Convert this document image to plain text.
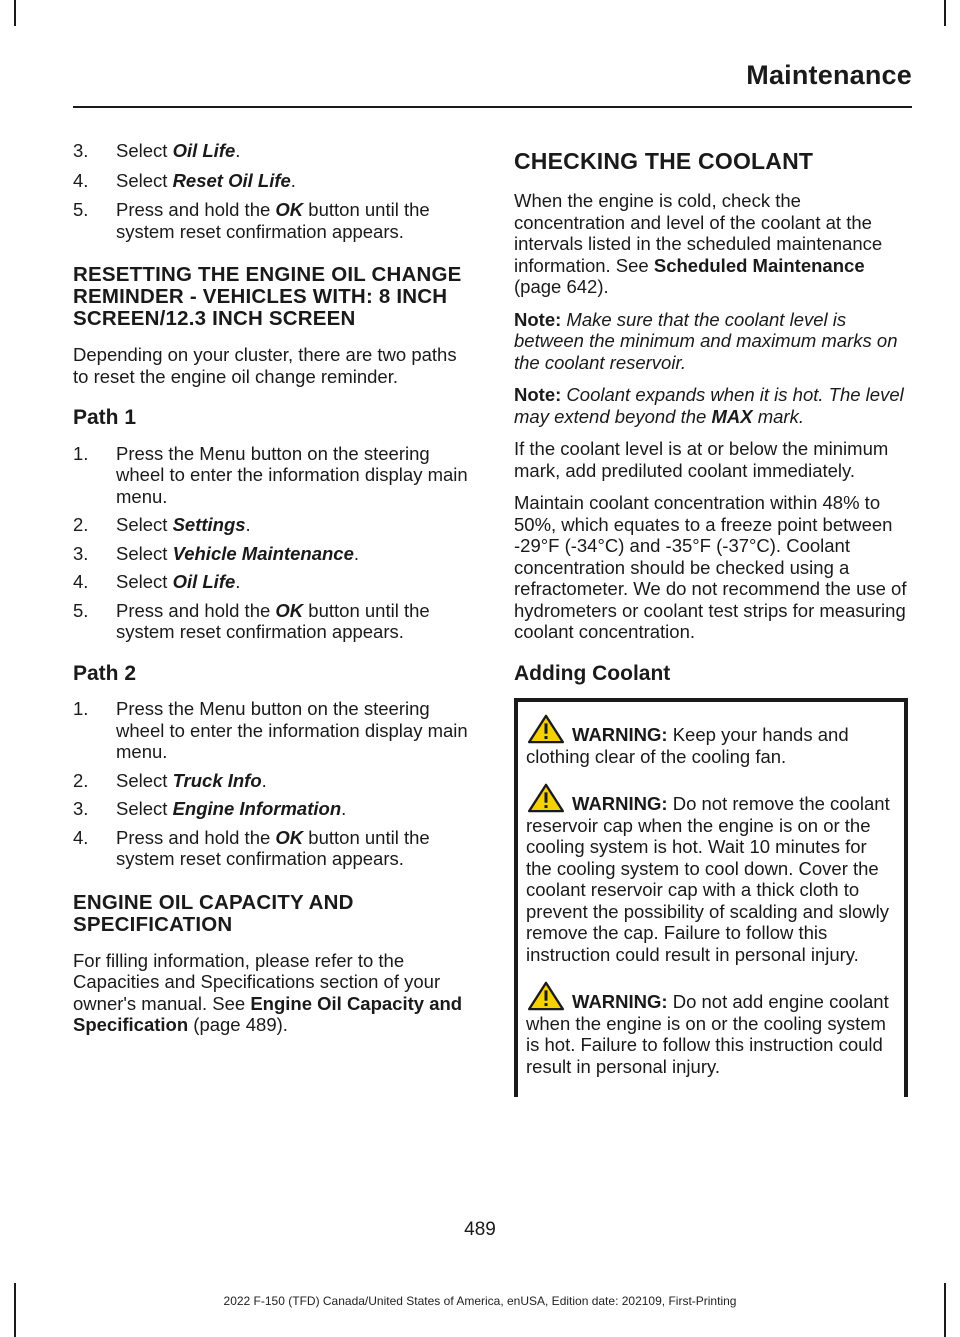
Maintenance
3. Select Oil Life.
4. Select Reset Oil Life.
5. Press and hold the OK button until the system reset confirmation appears.
RESETTING THE ENGINE OIL CHANGE REMINDER - VEHICLES WITH: 8 INCH SCREEN/12.3 INCH SCREEN

Depending on your cluster, there are two paths to reset the engine oil change reminder.

Path 1
1. Press the Menu button on the steering wheel to enter the information display main menu.
2. Select Settings.
3. Select Vehicle Maintenance.
4. Select Oil Life.
5. Press and hold the OK button until the system reset confirmation appears.
Path 2
1. Press the Menu button on the steering wheel to enter the information display main menu.
2. Select Truck Info.
3. Select Engine Information.
4. Press and hold the OK button until the system reset confirmation appears.
ENGINE OIL CAPACITY AND SPECIFICATION

For filling information, please refer to the Capacities and Specifications section of your owner's manual. See Engine Oil Capacity and Specification (page 489).

CHECKING THE COOLANT

When the engine is cold, check the concentration and level of the coolant at the intervals listed in the scheduled maintenance information. See Scheduled Maintenance (page 642).

Note: Make sure that the coolant level is between the minimum and maximum marks on the coolant reservoir.

Note: Coolant expands when it is hot. The level may extend beyond the MAX mark.

If the coolant level is at or below the minimum mark, add prediluted coolant immediately.

Maintain coolant concentration within 48% to 50%, which equates to a freeze point between -29°F (-34°C) and -35°F (-37°C). Coolant concentration should be checked using a refractometer. We do not recommend the use of hydrometers or coolant test strips for measuring coolant concentration.

Adding Coolant
WARNING: Keep your hands and clothing clear of the cooling fan.
WARNING: Do not remove the coolant reservoir cap when the engine is on or the cooling system is hot. Wait 10 minutes for the cooling system to cool down. Cover the coolant reservoir cap with a thick cloth to prevent the possibility of scalding and slowly remove the cap. Failure to follow this instruction could result in personal injury.
WARNING: Do not add engine coolant when the engine is on or the cooling system is hot. Failure to follow this instruction could result in personal injury.
489
2022 F-150 (TFD) Canada/United States of America, enUSA, Edition date: 202109, First-Printing
